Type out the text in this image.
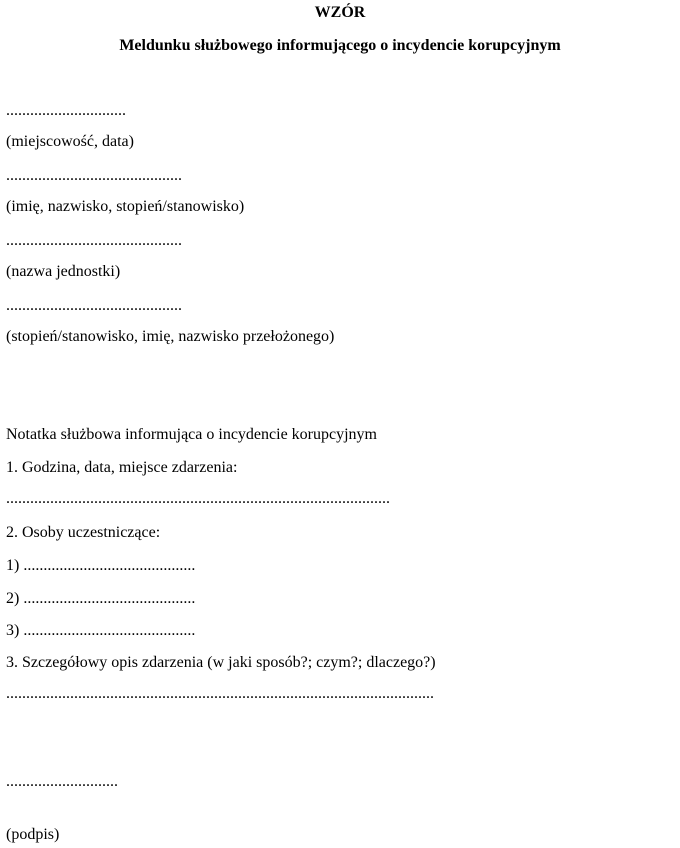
WZÓR
Meldunku służbowego informującego o incydencie korupcyjnym
..............................
(miejscowość, data)
............................................
(imię, nazwisko, stopień/stanowisko)
............................................
(nazwa jednostki)
............................................
(stopień/stanowisko, imię, nazwisko przełożonego)
Notatka służbowa informująca o incydencie korupcyjnym
1. Godzina, data, miejsce zdarzenia:
................................................................................................
2. Osoby uczestniczące:
1) ...........................................
2) ...........................................
3) ...........................................
3. Szczegółowy opis zdarzenia (w jaki sposób?; czym?; dlaczego?)
...........................................................................................................
............................
(podpis)
